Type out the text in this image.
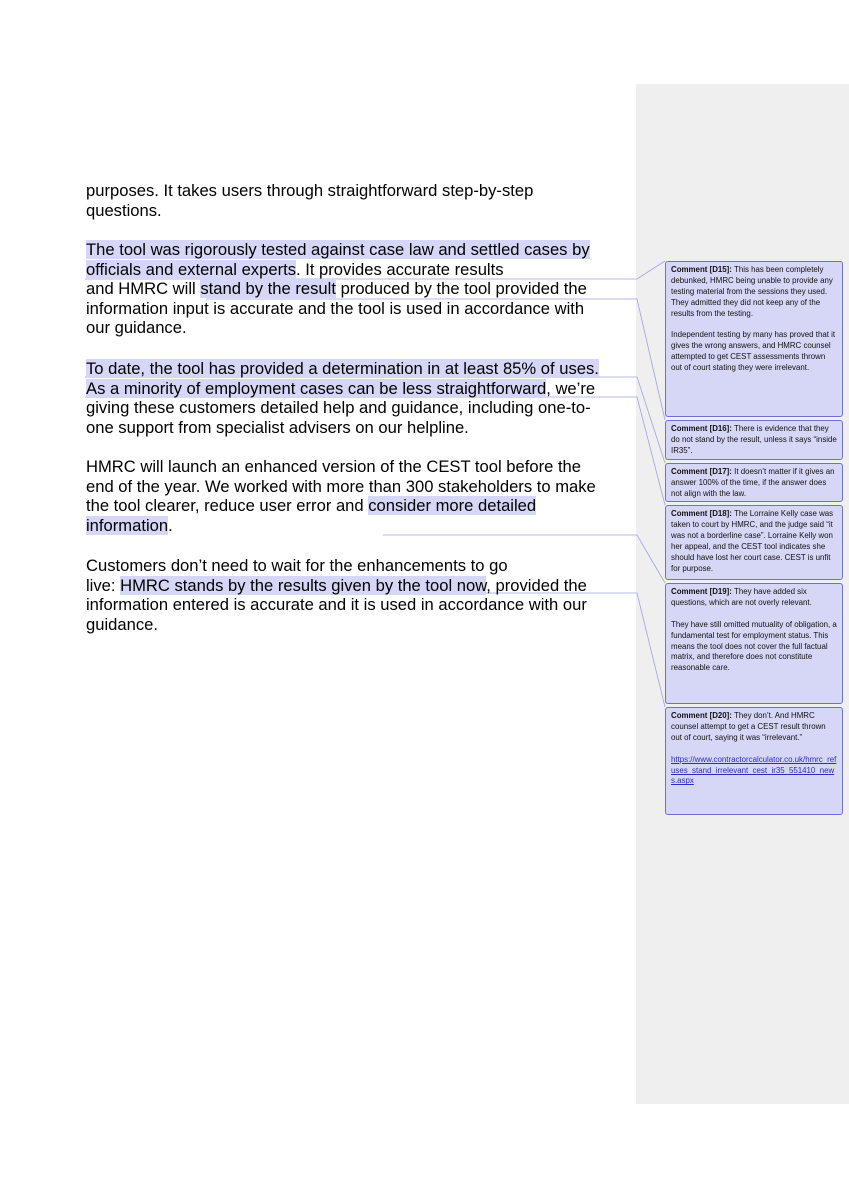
purposes. It takes users through straightforward step-by-step
questions.

The tool was rigorously tested against case law and settled cases by
officials and external experts. It provides accurate results
and HMRC will stand by the result produced by the tool provided the
information input is accurate and the tool is used in accordance with
our guidance.

To date, the tool has provided a determination in at least 85% of uses.
As a minority of employment cases can be less straightforward, we’re
giving these customers detailed help and guidance, including one-to-
one support from specialist advisers on our helpline.

HMRC will launch an enhanced version of the CEST tool before the
end of the year. We worked with more than 300 stakeholders to make
the tool clearer, reduce user error and consider more detailed
information.

Customers don’t need to wait for the enhancements to go
live: HMRC stands by the results given by the tool now, provided the
information entered is accurate and it is used in accordance with our
guidance.

Comment [D15]: This has been completely debunked, HMRC being unable to provide any testing material from the sessions they used. They admitted they did not keep any of the results from the testing.

Independent testing by many has proved that it gives the wrong answers, and HMRC counsel attempted to get CEST assessments thrown out of court stating they were irrelevant.

Comment [D16]: There is evidence that they do not stand by the result, unless it says “inside IR35”.

Comment [D17]: It doesn’t matter if it gives an answer 100% of the time, if the answer does not align with the law.

Comment [D18]: The Lorraine Kelly case was taken to court by HMRC, and the judge said “it was not a borderline case”. Lorraine Kelly won her appeal, and the CEST tool indicates she should have lost her court case. CEST is unfit for purpose.

Comment [D19]: They have added six questions, which are not overly relevant.

They have still omitted mutuality of obligation, a fundamental test for employment status. This means the tool does not cover the full factual matrix, and therefore does not constitute reasonable care.

Comment [D20]: They don’t. And HMRC counsel attempt to get a CEST result thrown out of court, saying it was “irrelevant.”

https://www.contractorcalculator.co.uk/hmrc_refuses_stand_irrelevant_cest_ir35_551410_news.aspx
